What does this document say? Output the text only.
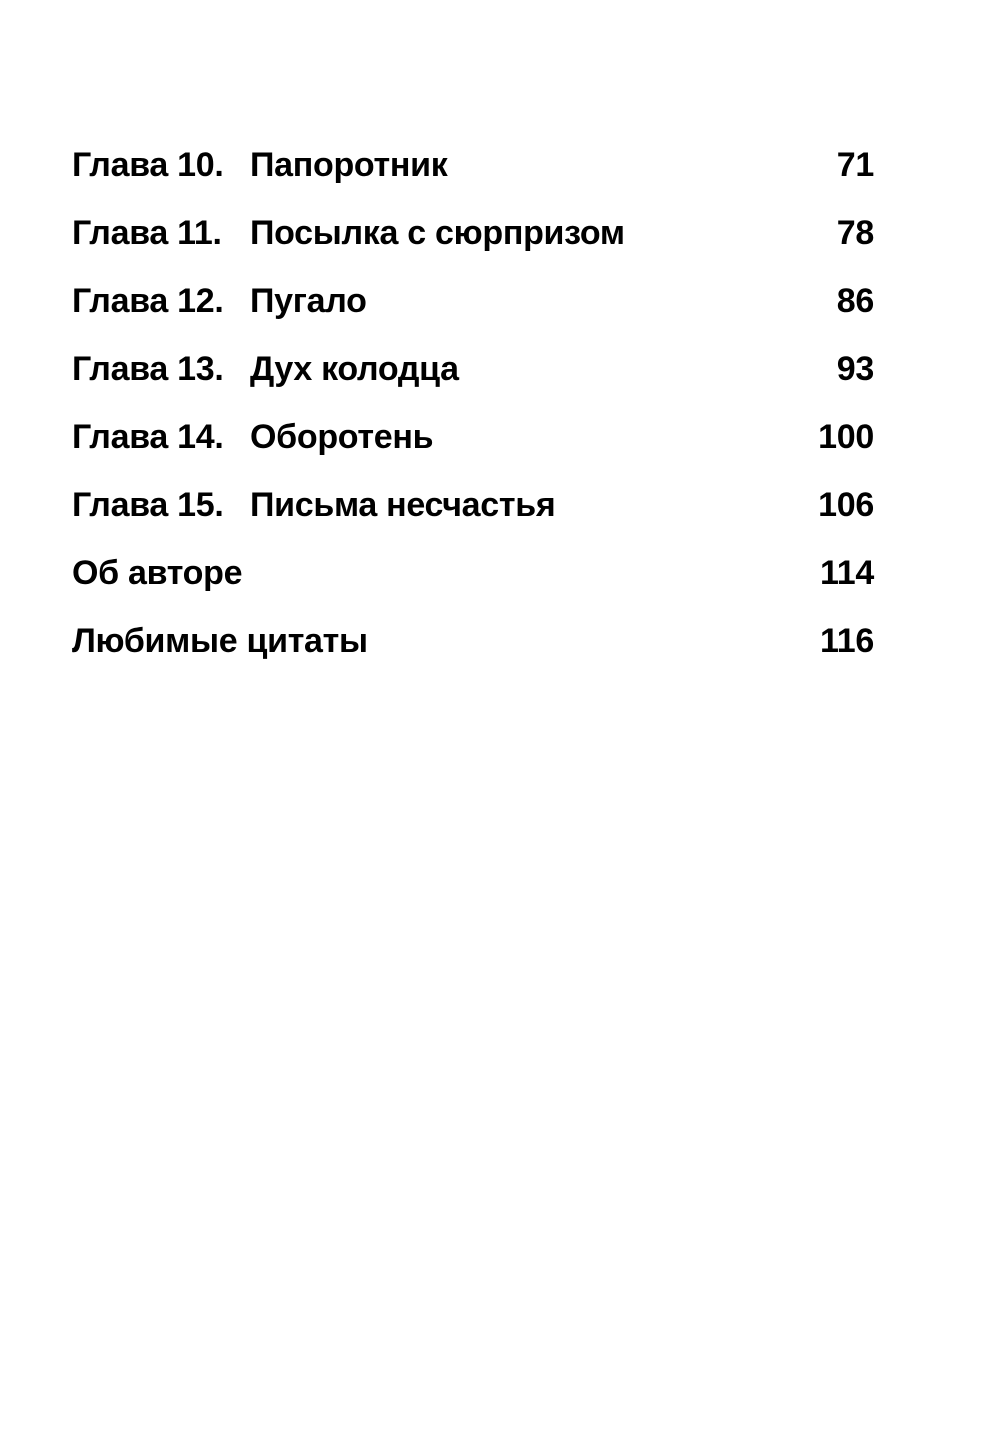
Глава 10. Папоротник	71
Глава 11. Посылка с сюрпризом	78
Глава 12. Пугало	86
Глава 13. Дух колодца	93
Глава 14. Оборотень	100
Глава 15. Письма несчастья	106
Об авторе	114
Любимые цитаты	116
